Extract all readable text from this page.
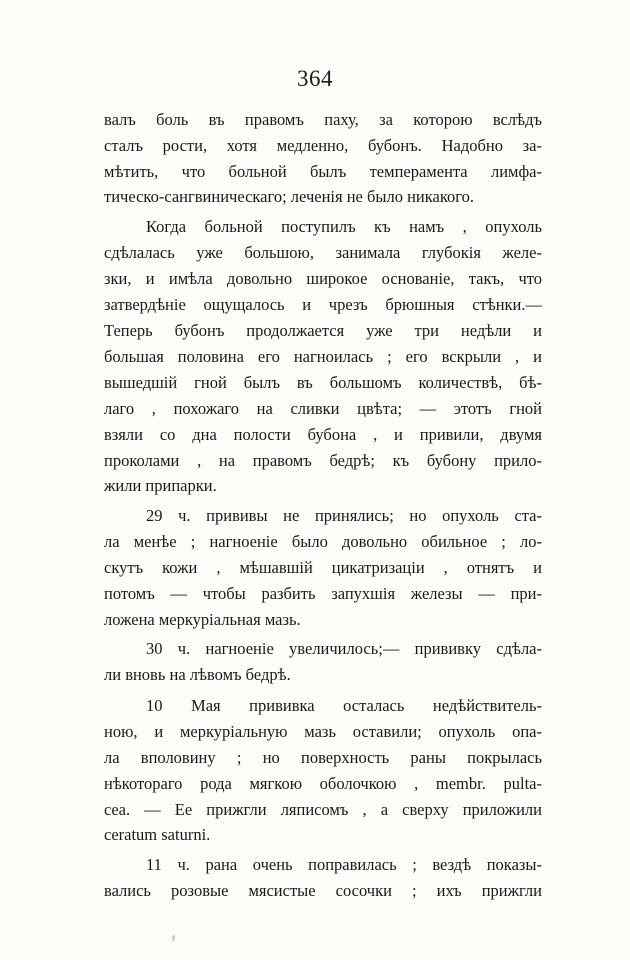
364
валъ боль въ правомъ паху, за которою вслѣдъ
сталъ рости, хотя медленно, бубонъ. Надобно за-
мѣтить, что больной былъ темперамента лимфа-
тическо-сангвиническаго; леченія не было никакого.
Когда больной поступилъ къ намъ , опухоль
сдѣлалась уже большою, занимала глубокія желе-
зки, и имѣла довольно широкое основаніе, такъ, что
затвердѣніе ощущалось и чрезъ брюшныя стѣнки.—
Теперь бубонъ продолжается уже три недѣли и
большая половина его нагноилась ; его вскрыли , и
вышедшій гной былъ въ большомъ количествѣ, бѣ-
лаго , похожаго на сливки цвѣта; — этотъ гной
взяли со дна полости бубона , и привили, двумя
проколами , на правомъ бедрѣ; къ бубону прило-
жили припарки.
29 ч. прививы не принялись; но опухоль ста-
ла менѣе ; нагноеніе было довольно обильное ; ло-
скутъ кожи , мѣшавшій цикатризаціи , отнятъ и
потомъ — чтобы разбить запухшія железы — при-
ложена меркуріальная мазь.
30 ч. нагноеніе увеличилось;— прививку сдѣла-
ли вновь на лѣвомъ бедрѣ.
10 Мая прививка осталась недѣйствитель-
ною, и меркуріальную мазь оставили; опухоль опа-
ла вполовину ; но поверхность раны покрылась
нѣкотораго рода мягкою оболочкою , membr. pulta-
cea. — Ее прижгли ляписомъ , а сверху приложили
ceratum saturni.
11 ч. рана очень поправилась ; вездѣ показы-
вались розовые мясистые сосочки ; ихъ прижгли
